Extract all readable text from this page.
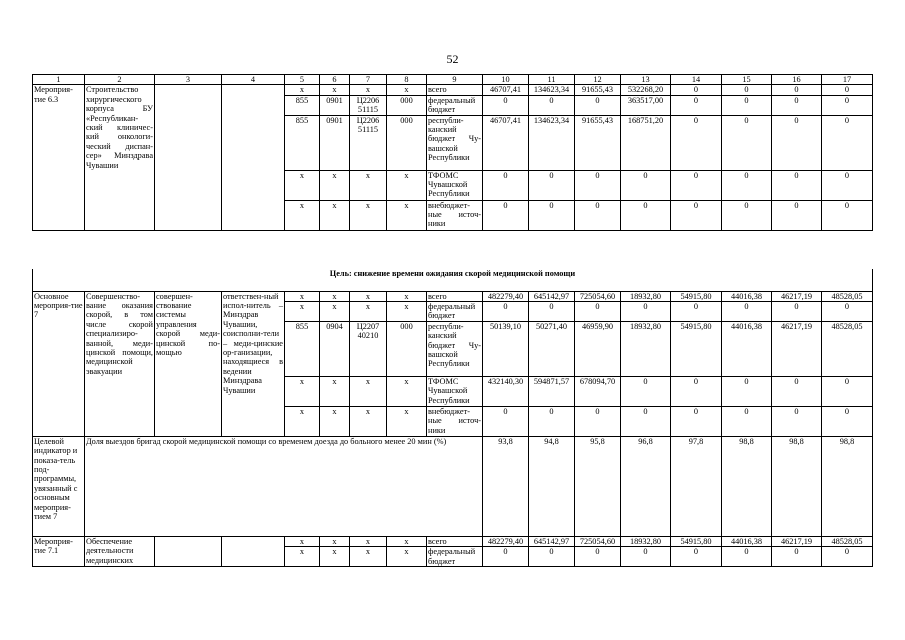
52
1	2	3	4	5	6	7	8	9	10	11	12	13	14	15	16	17
Мероприя-тие 6.3	Строительство хирургического корпуса БУ «Республикан-ский клиничес-кий онкологи-ческий диспан-сер» Минздрава Чувашии			х	х	х	х	всего	46707,41	134623,34	91655,43	532268,20	0	0	0	0
				855	0901	Ц2206 51115	000	федеральный бюджет	0	0	0	363517,00	0	0	0	0
				855	0901	Ц2206 51115	000	республи-канский бюджет Чу-вашской Республики	46707,41	134623,34	91655,43	168751,20	0	0	0	0
				х	х	х	х	ТФОМС Чувашской Республики	0	0	0	0	0	0	0	0
				х	х	х	х	внебюджет-ные источ-ники	0	0	0	0	0	0	0	0

Цель: снижение времени ожидания скорой медицинской помощи																
Основное мероприя-тие 7	Совершенство-вание оказания скорой, в том числе скорой специализиро-ванной, меди-цинской помощи, медицинской эвакуации	совершен-ствование системы управления скорой меди-цинской по-мощью	ответствен-ный испол-нитель – Минздрав Чувашии, соисполни-тели – меди-цинские ор-ганизации, находящиеся в ведении Минздрава Чувашии	х	х	х	х	всего	482279,40	645142,97	725054,60	18932,80	54915,80	44016,38	46217,19	48528,05
				х	х	х	х	федеральный бюджет	0	0	0	0	0	0	0	0
				855	0904	Ц2207 40210	000	республи-канский бюджет Чу-вашской Республики	50139,10	50271,40	46959,90	18932,80	54915,80	44016,38	46217,19	48528,05
				х	х	х	х	ТФОМС Чувашской Республики	432140,30	594871,57	678094,70	0	0	0	0	0
				х	х	х	х	внебюджет-ные источ-ники	0	0	0	0	0	0	0	0
Целевой индикатор и показа-тель под-программы, увязанный с основным мероприя-тием 7	Доля выездов бригад скорой медицинской помощи со временем доезда до больного менее 20 мин (%)								93,8	94,8	95,8	96,8	97,8	98,8	98,8	98,8
Мероприя-тие 7.1	Обеспечение деятельности медицинских			х	х	х	х	всего	482279,40	645142,97	725054,60	18932,80	54915,80	44016,38	46217,19	48528,05
				х	х	х	х	федеральный бюджет	0	0	0	0	0	0	0	0
